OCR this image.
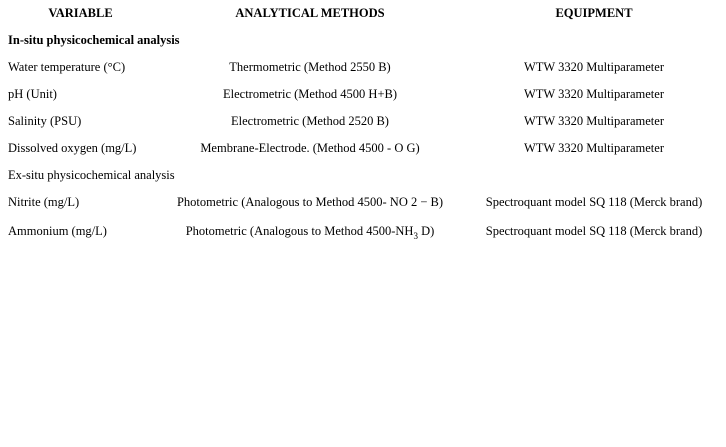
VARIABLE	ANALYTICAL METHODS	EQUIPMENT
In-situ physicochemical analysis
Water temperature (°C)	Thermometric (Method 2550 B)	WTW 3320 Multiparameter
pH (Unit)	Electrometric (Method 4500 H+B)	WTW 3320 Multiparameter
Salinity (PSU)	Electrometric (Method 2520 B)	WTW 3320 Multiparameter
Dissolved oxygen (mg/L)	Membrane-Electrode. (Method 4500 - O G)	WTW 3320 Multiparameter
Ex-situ physicochemical analysis
Nitrite (mg/L)	Photometric (Analogous to Method 4500- NO 2 − B)	Spectroquant model SQ 118 (Merck brand)
Ammonium (mg/L)	Photometric (Analogous to Method $4500-NH_3$ D)	Spectroquant model SQ 118 (Merck brand)
